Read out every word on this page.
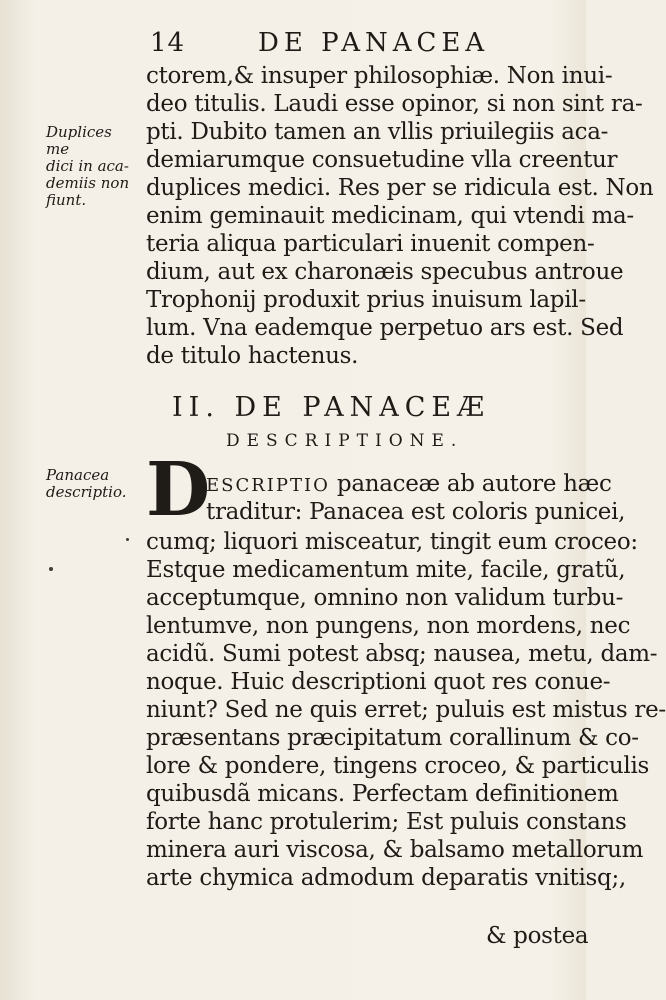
14	DE PANACEA
Duplices me
dici in aca-
demiis non
fiunt.
ctorem,& insuper philosophiæ. Non inui-
deo titulis. Laudi esse opinor, si non sint ra-
pti. Dubito tamen an vllis priuilegiis aca-
demiarumque consuetudine vlla creentur
duplices medici. Res per se ridicula est. Non
enim geminauit medicinam, qui vtendi ma-
teria aliqua particulari inuenit compen-
dium, aut ex charonæis specubus antroue
Trophonij produxit prius inuisum lapil-
lum. Vna eademque perpetuo ars est. Sed
de titulo hactenus.
II. DE PANACEÆ
DESCRIPTIONE.
Panacea
descriptio. D
ESCRIPTIO panaceæ ab autore hæc
traditur: Panacea est coloris punicei,
cumq; liquori misceatur, tingit eum croceo:
Estque medicamentum mite, facile, gratũ,
acceptumque, omnino non validum turbu-
lentumve, non pungens, non mordens, nec
acidũ. Sumi potest absq; nausea, metu, dam-
noque. Huic descriptioni quot res conue-
niunt? Sed ne quis erret; puluis est mistus re-
præsentans præcipitatum corallinum & co-
lore & pondere, tingens croceo, & particulis
quibusdã micans. Perfectam definitionem
forte hanc protulerim; Est puluis constans
minera auri viscosa, & balsamo metallorum
arte chymica admodum deparatis vnitisq;,
& postea
